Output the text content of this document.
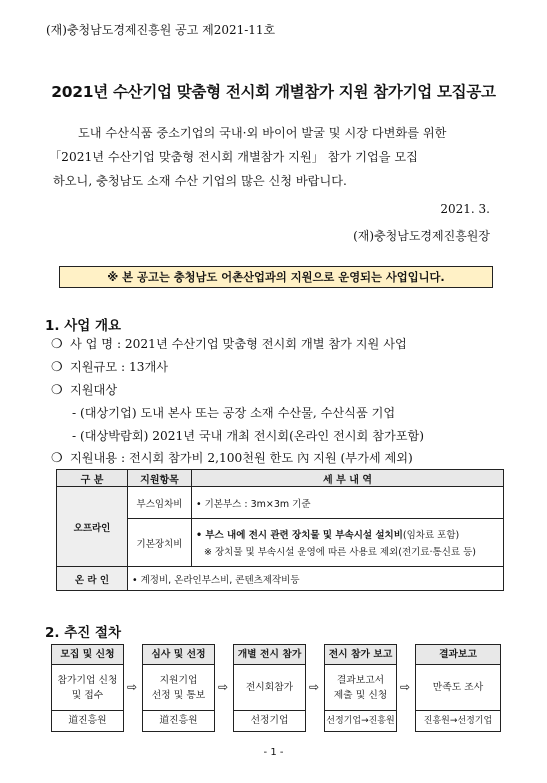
(재)충청남도경제진흥원 공고 제2021-11호
2021년 수산기업 맞춤형 전시회 개별참가 지원 참가기업 모집공고

도내 수산식품 중소기업의 국내·외 바이어 발굴 및 시장 다변화를 위한

「2021년 수산기업 맞춤형 전시회 개별참가 지원」 참가 기업을 모집

하오니, 충청남도 소재 수산 기업의 많은 신청 바랍니다.

2021. 3.
(재)충청남도경제진흥원장
※ 본 공고는 충청남도 어촌산업과의 지원으로 운영되는 사업입니다.
1. 사업 개요
❍ 사 업 명 : 2021년 수산기업 맞춤형 전시회 개별 참가 지원 사업
❍ 지원규모 : 13개사
❍ 지원대상
- (대상기업) 도내 본사 또는 공장 소재 수산물, 수산식품 기업
- (대상박람회) 2021년 국내 개최 전시회(온라인 전시회 참가포함)
❍ 지원내용 : 전시회 참가비 2,100천원 한도 內 지원 (부가세 제외)
구 분	지원항목	세 부 내 역
오프라인	부스임차비	• 기본부스 : 3m×3m 기준
	기본장치비	• 부스 내에 전시 관련 장치물 및 부속시설 설치비(임차료 포함)
※ 장치물 및 부속시설 운영에 따른 사용료 제외(전기료·통신료 등)

온 라 인	• 계정비, 온라인부스비, 콘텐츠제작비등	
2. 추진 절차
모집 및 신청
참가기업 신청
및 접수
道진흥원
⇨
심사 및 선정
지원기업
선정 및 통보
道진흥원
⇨
개별 전시 참가
전시회참가
선정기업
⇨
전시 참가 보고
결과보고서
제출 및 신청
선정기업→진흥원
⇨
결과보고
만족도 조사
진흥원→선정기업
- 1 -
